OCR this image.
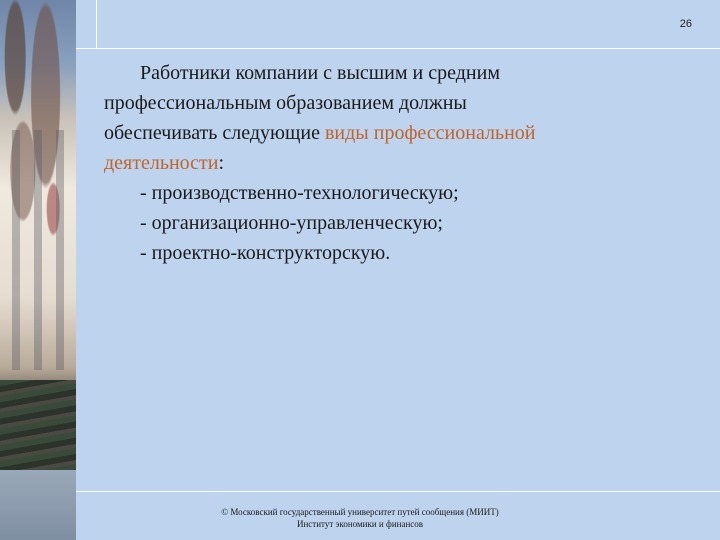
26

Работники компании с высшим и средним

профессиональным образованием должны

обеспечивать следующие виды профессиональной

деятельности:

- производственно-технологическую;

- организационно-управленческую;

- проектно-конструкторскую.

© Московский государственный университет путей сообщения (МИИТ)
Институт экономики и финансов
